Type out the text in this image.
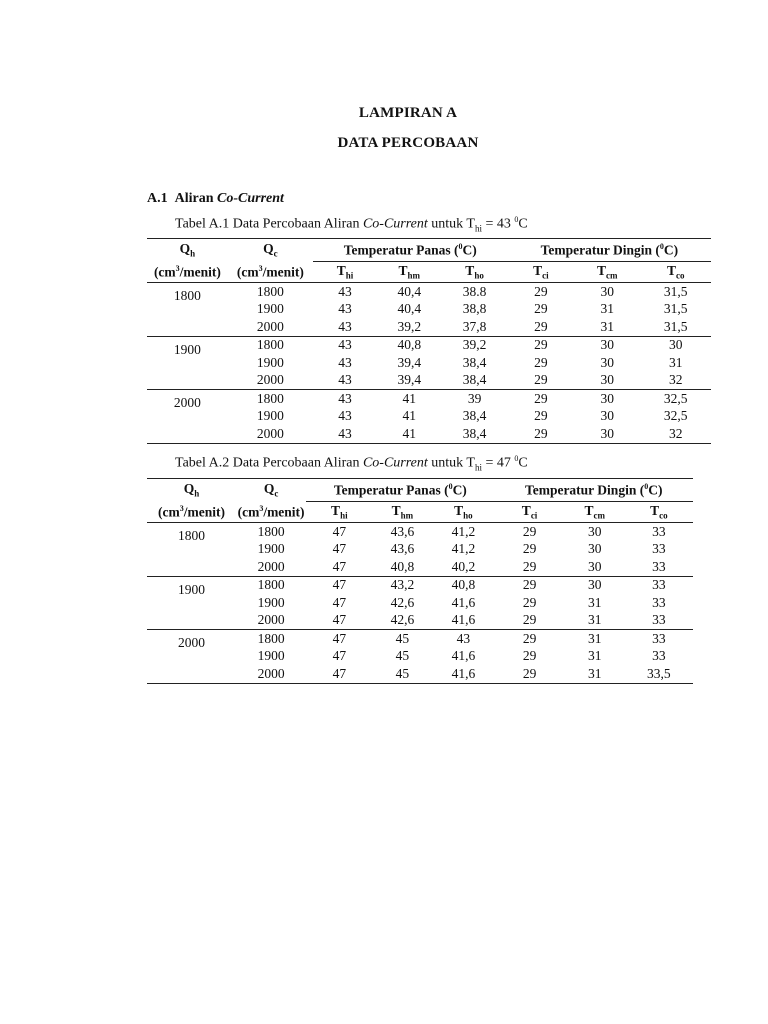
LAMPIRAN A
DATA PERCOBAAN
A.1 Aliran Co-Current
Tabel A.1 Data Percobaan Aliran Co-Current untuk $T_{hi} = 43$ $^0$C
$Q_h$	$Q_c$	Temperatur Panas ($^0$C)			Temperatur Dingin ($^0$C)		
$(cm^3/menit)$	$(cm^3/menit)$	$T_{hi}$	$T_{hm}$	$T_{ho}$	$T_{ci}$	$T_{cm}$	$T_{co}$
1800	1800	43	40,4	38.8	29	30	31,5
	1900	43	40,4	38,8	29	31	31,5
	2000	43	39,2	37,8	29	31	31,5
1900	1800	43	40,8	39,2	29	30	30
	1900	43	39,4	38,4	29	30	31
	2000	43	39,4	38,4	29	30	32
2000	1800	43	41	39	29	30	32,5
	1900	43	41	38,4	29	30	32,5
	2000	43	41	38,4	29	30	32
Tabel A.2 Data Percobaan Aliran Co-Current untuk $T_{hi} = 47$ $^0$C
$Q_h$	$Q_c$	Temperatur Panas ($^0$C)			Temperatur Dingin ($^0$C)		
$(cm^3/menit)$	$(cm^3/menit)$	$T_{hi}$	$T_{hm}$	$T_{ho}$	$T_{ci}$	$T_{cm}$	$T_{co}$
1800	1800	47	43,6	41,2	29	30	33
	1900	47	43,6	41,2	29	30	33
	2000	47	40,8	40,2	29	30	33
1900	1800	47	43,2	40,8	29	30	33
	1900	47	42,6	41,6	29	31	33
	2000	47	42,6	41,6	29	31	33
2000	1800	47	45	43	29	31	33
	1900	47	45	41,6	29	31	33
	2000	47	45	41,6	29	31	33,5
